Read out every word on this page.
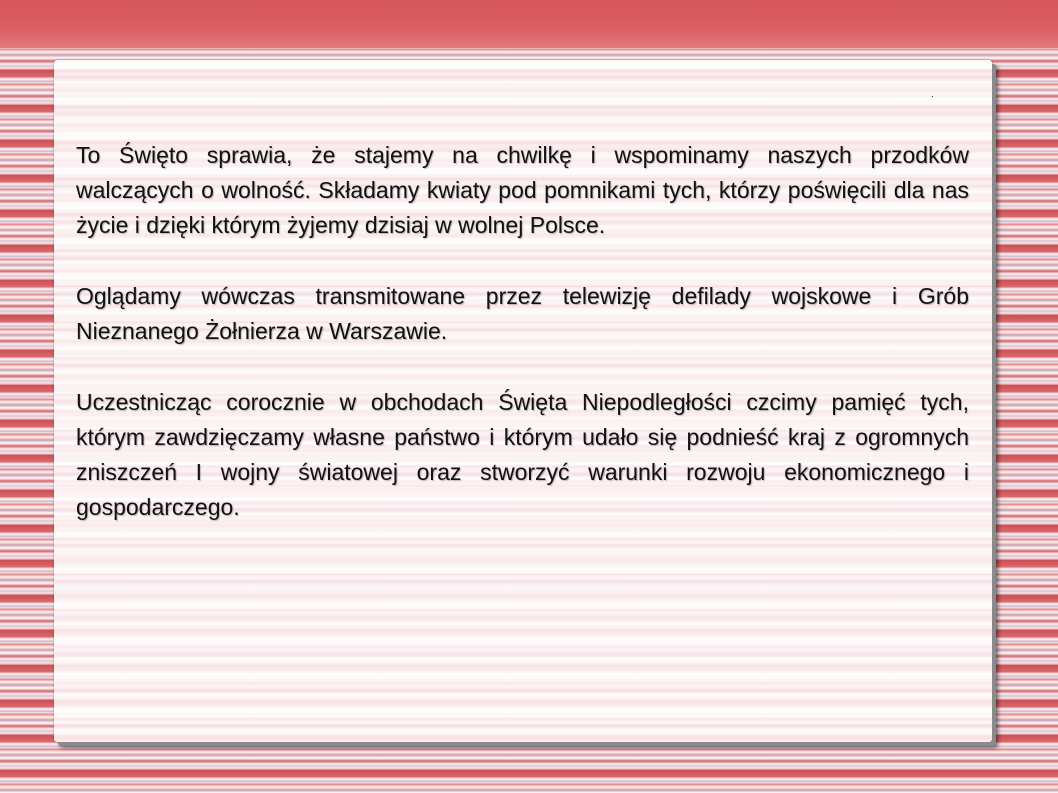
.

To Święto sprawia, że stajemy na chwilkę i wspominamy naszych przodków walczących o wolność. Składamy kwiaty pod pomnikami tych, którzy poświęcili dla nas życie i dzięki którym żyjemy dzisiaj w wolnej Polsce.

Oglądamy wówczas transmitowane przez telewizję defilady wojskowe i Grób Nieznanego Żołnierza w Warszawie.

Uczestnicząc corocznie w obchodach Święta Niepodległości czcimy pamięć tych, którym zawdzięczamy własne państwo i którym udało się podnieść kraj z ogromnych zniszczeń I wojny światowej oraz stworzyć warunki rozwoju ekonomicznego i gospodarczego.
